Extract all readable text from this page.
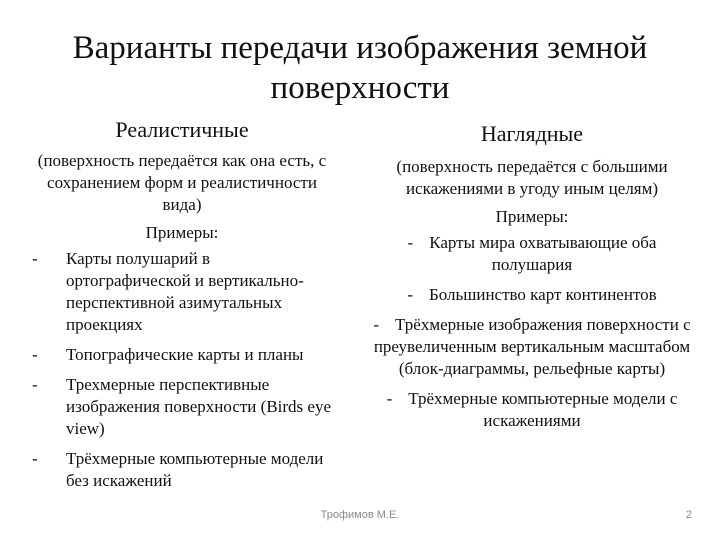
Варианты передачи изображения земной поверхности

Реалистичные

(поверхность передаётся как она есть, с сохранением форм и реалистичности вида)

Примеры:

- Карты полушарий в ортографической и вертикально-перспективной азимутальных проекциях
- Топографические карты и планы
- Трехмерные перспективные изображения поверхности (Birds eye view)
- Трёхмерные компьютерные модели без искажений

Наглядные

(поверхность передаётся с большими искажениями в угоду иным целям)

Примеры:

- Карты мира охватывающие оба полушария
- Большинство карт континентов
- Трёхмерные изображения поверхности с преувеличенным вертикальным масштабом (блок-диаграммы, рельефные карты)
- Трёхмерные компьютерные модели с искажениями
Трофимов М.Е.	2
